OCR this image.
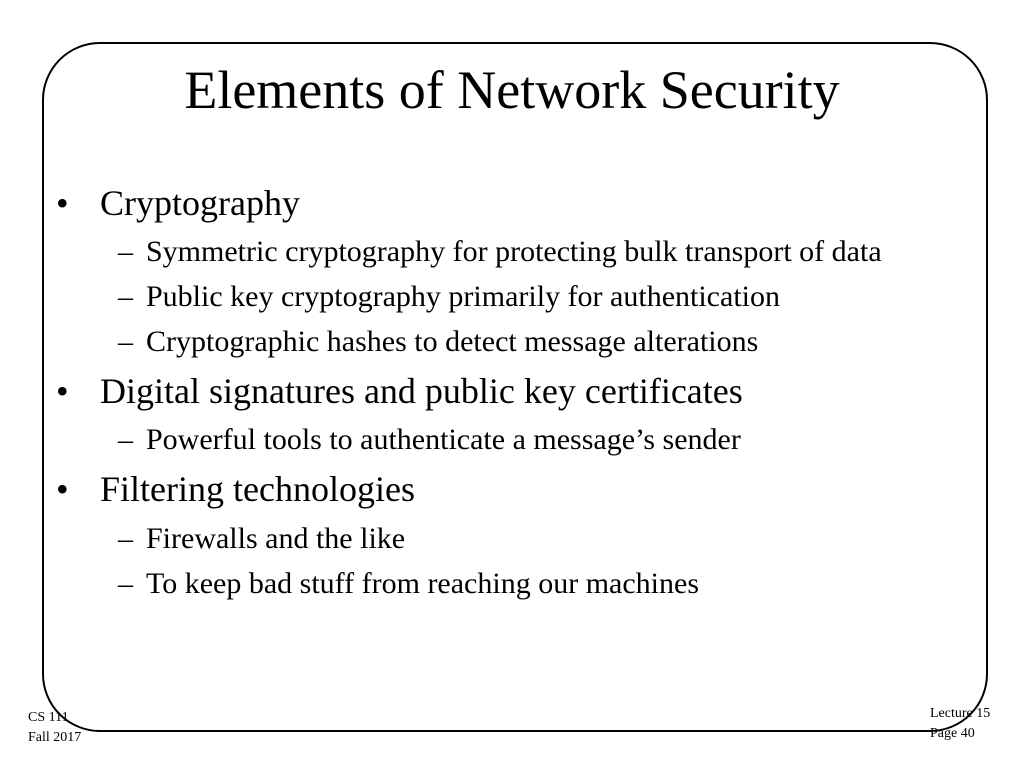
Elements of Network Security
• Cryptography
– Symmetric cryptography for protecting bulk transport of data
– Public key cryptography primarily for authentication
– Cryptographic hashes to detect message alterations
• Digital signatures and public key certificates
– Powerful tools to authenticate a message’s sender
• Filtering technologies
– Firewalls and the like
– To keep bad stuff from reaching our machines
CS 111
Fall 2017
Lecture 15
Page 40
